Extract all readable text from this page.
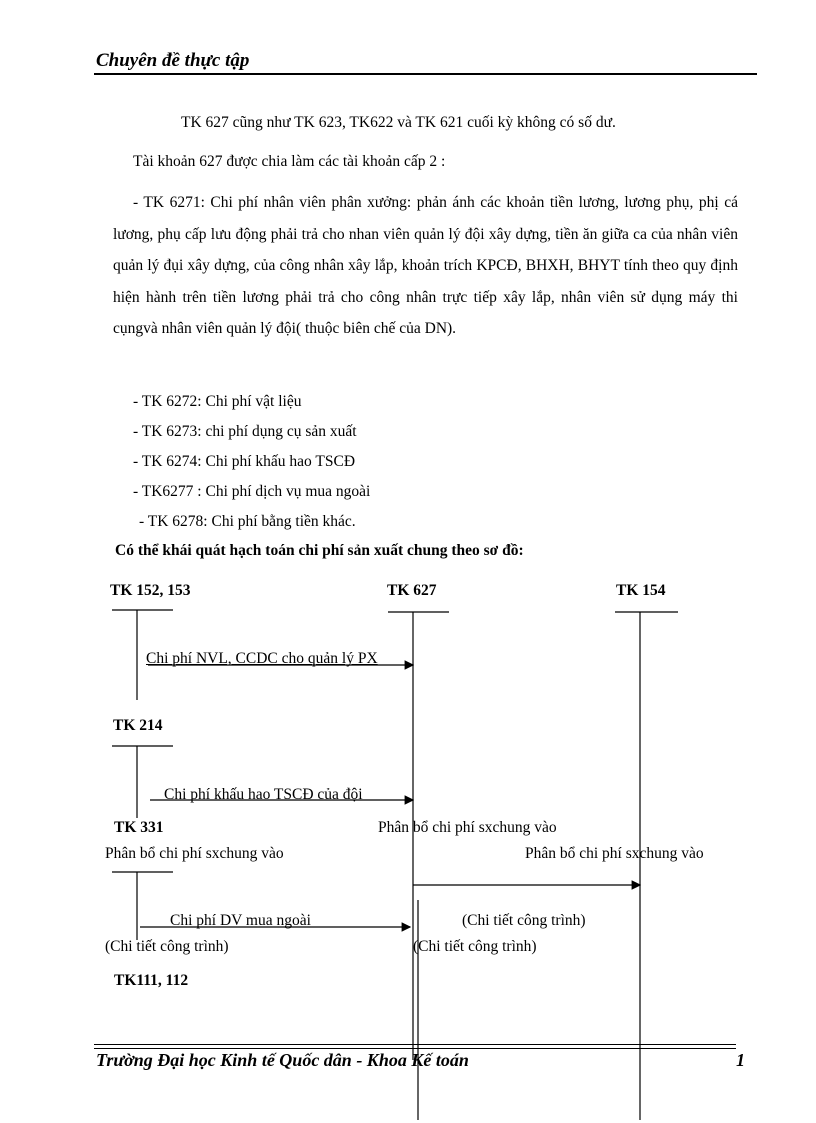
Chuyên đề thực tập
TK 627 cũng như TK 623, TK622 và TK 621 cuối kỳ không có số dư.
Tài khoản 627 được chia làm các tài khoản cấp 2 :
- TK 6271: Chi phí nhân viên phân xưởng: phản ánh các khoản tiền lương, lương phụ, phị cá lương, phụ cấp lưu động phải trả cho nhan viên quản lý đội xây dựng, tiền ăn giữa ca của nhân viên quản lý đụi xây dựng, của công nhân xây lắp, khoản trích KPCĐ, BHXH, BHYT tính theo quy định hiện hành trên tiền lương phải trả cho công nhân trực tiếp xây lắp, nhân viên sử dụng máy thi cụngvà nhân viên quản lý đội( thuộc biên chế của DN).
- TK 6272: Chi phí vật liệu
- TK 6273: chi phí dụng cụ sản xuất
- TK 6274: Chi phí khấu hao TSCĐ
- TK6277 : Chi phí dịch vụ mua ngoài
- TK 6278: Chi phí bằng tiền khác.
Có thể khái quát hạch toán chi phí sản xuất chung theo sơ đồ:
TK 152, 153	TK 627	TK 154
Chi phí NVL, CCDC cho quản lý PX
TK 214
Chi phí khấu hao TSCĐ của đội
TK 331	Phân bổ chi phí sxchung vào
Phân bổ chi phí sxchung vào	Phân bổ chi phí sxchung vào
Chi phí DV mua ngoài	(Chi tiết công trình)
(Chi tiết công trình)	(Chi tiết công trình)
TK111, 112
Trường Đại học Kinh tế Quốc dân - Khoa Kế toán	1
